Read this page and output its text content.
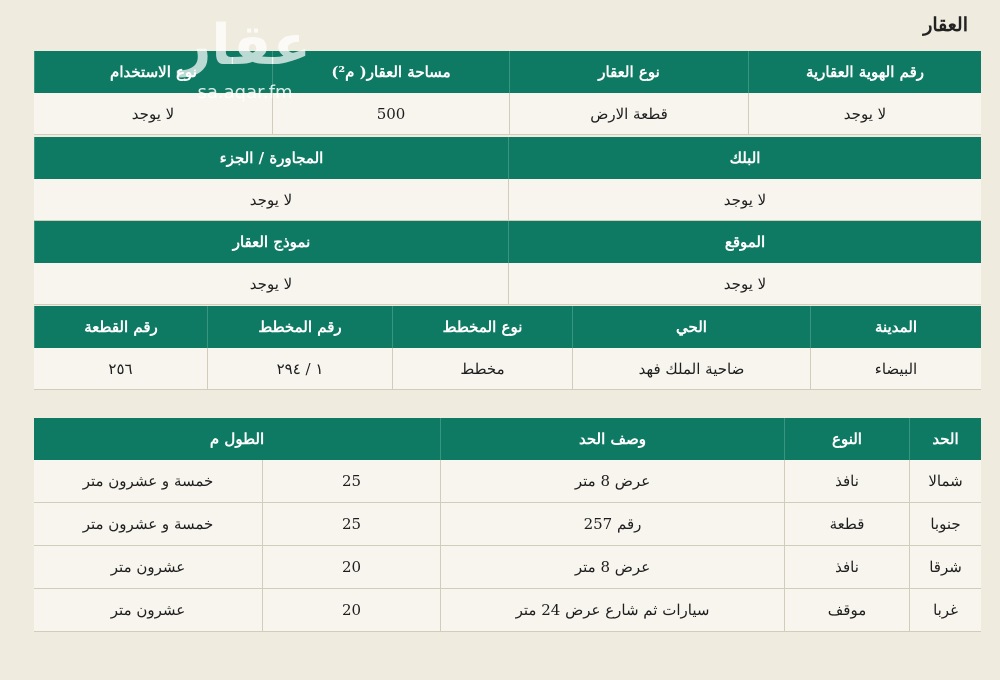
العقار
رقم الهوية العقارية
نوع العقار
مساحة العقار( م²)
نوع الاستخدام
لا يوجد
قطعة الارض
500
لا يوجد
البلك
المجاورة / الجزء
لا يوجد
لا يوجد
الموقع
نموذج العقار
لا يوجد
لا يوجد
المدينة
الحي
نوع المخطط
رقم المخطط
رقم القطعة
البيضاء
ضاحية الملك فهد
مخطط
١ / ٢٩٤
٢٥٦
الحد
النوع
وصف الحد
الطول م
شمالا
نافذ
عرض 8 متر
25
خمسة و عشرون متر
جنوبا
قطعة
رقم 257
25
خمسة و عشرون متر
شرقا
نافذ
عرض 8 متر
20
عشرون متر
غربا
موقف
سيارات ثم شارع عرض 24 متر
20
عشرون متر
عقار
sa.aqar.fm
